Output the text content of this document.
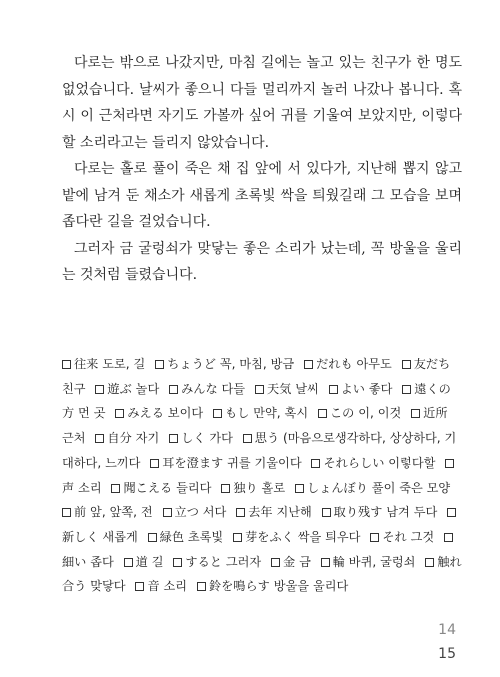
다로는 밖으로 나갔지만, 마침 길에는 놀고 있는 친구가 한 명도 없었습니다. 날씨가 좋으니 다들 멀리까지 놀러 나갔나 봅니다. 혹시 이 근처라면 자기도 가볼까 싶어 귀를 기울여 보았지만, 이렇다 할 소리라고는 들리지 않았습니다.

다로는 홀로 풀이 죽은 채 집 앞에 서 있다가, 지난해 뽑지 않고 밭에 남겨 둔 채소가 새롭게 초록빛 싹을 틔웠길래 그 모습을 보며 좁다란 길을 걸었습니다.

그러자 금 굴렁쇠가 맞닿는 좋은 소리가 났는데, 꼭 방울을 울리는 것처럼 들렸습니다.

往来 도로, 길 ちょうど 꼭, 마침, 방금 だれも 아무도 友だち 친구 遊ぶ 놀다 みんな 다들 天気 날씨 よい 좋다 遠くの方 먼 곳 みえる 보이다 もし 만약, 혹시 この 이, 이것 近所 근처 自分 자기 しく 가다 思う (마음으로생각하다, 상상하다, 기대하다, 느끼다 耳を澄ます 귀를 기울이다 それらしい 이렇다할 声 소리 聞こえる 들리다 独り 홀로 しょんぼり 풀이 죽은 모양 前 앞, 앞쪽, 전 立つ 서다 去年 지난해 取り残す 남겨 두다 新しく 새롭게 緑色 초록빛 芽をふく 싹을 틔우다 それ 그것 細い 좁다 道 길 すると 그러자 金 금 輪 바퀴, 굴렁쇠 触れ合う 맞닿다 音 소리 鈴を鳴らす 방울을 울리다
14
15
